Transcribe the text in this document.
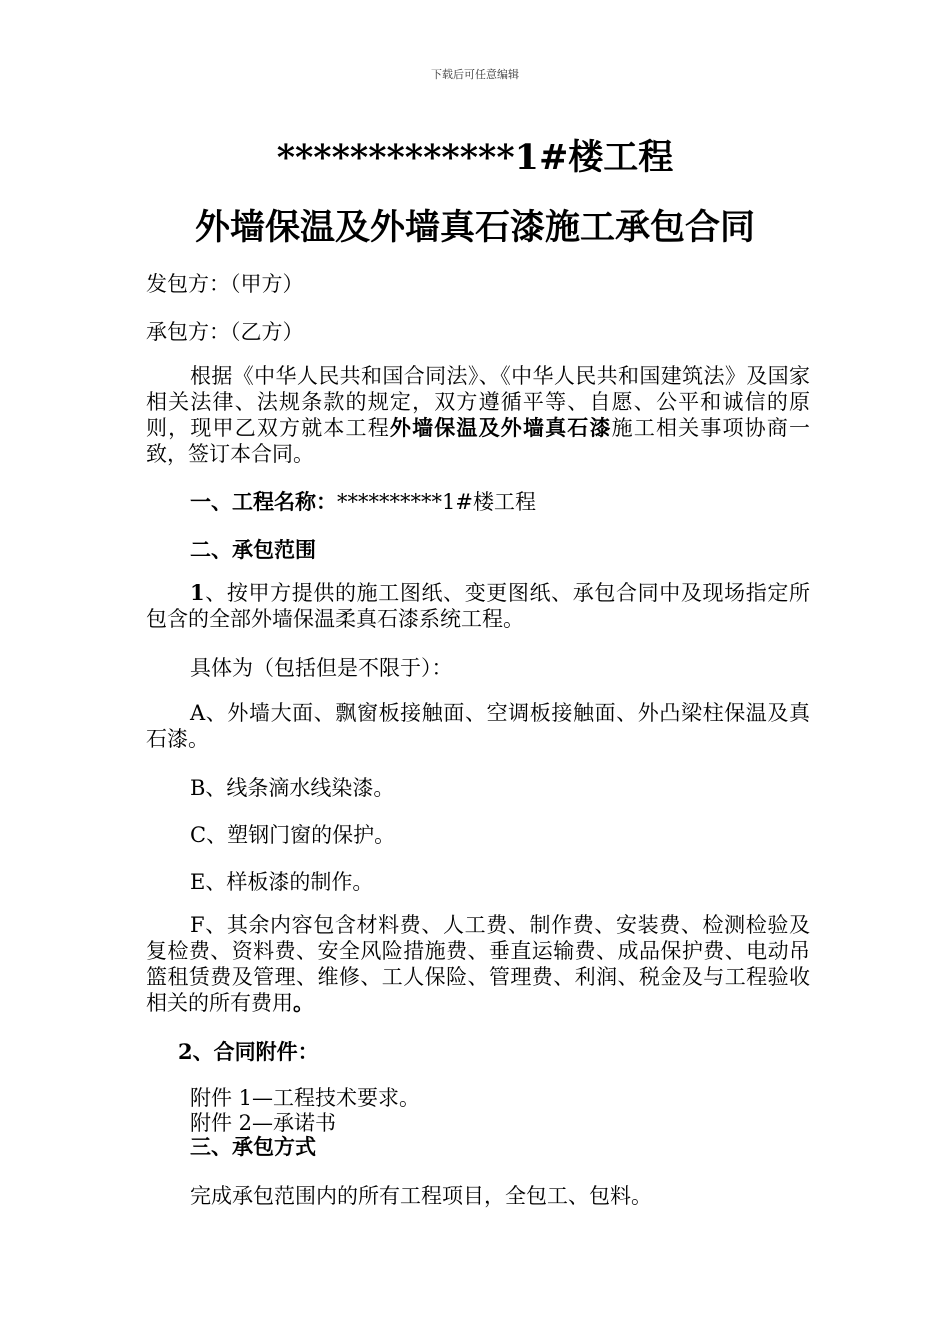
下载后可任意编辑
*************1#楼工程
外墙保温及外墙真石漆施工承包合同
发包方：（甲方）
承包方：（乙方）
根据《中华人民共和国合同法》、《中华人民共和国建筑法》及国家相关法律、法规条款的规定，双方遵循平等、自愿、公平和诚信的原则，现甲乙双方就本工程外墙保温及外墙真石漆施工相关事项协商一致，签订本合同。
一、工程名称：**********1#楼工程
二、承包范围
1、按甲方提供的施工图纸、变更图纸、承包合同中及现场指定所包含的全部外墙保温柔真石漆系统工程。
具体为（包括但是不限于）：
A、外墙大面、飘窗板接触面、空调板接触面、外凸梁柱保温及真石漆。
B、线条滴水线染漆。
C、塑钢门窗的保护。
E、样板漆的制作。
F、其余内容包含材料费、人工费、制作费、安装费、检测检验及复检费、资料费、安全风险措施费、垂直运输费、成品保护费、电动吊篮租赁费及管理、维修、工人保险、管理费、利润、税金及与工程验收相关的所有费用。
2、合同附件：
附件 1—工程技术要求。
附件 2—承诺书
三、承包方式
完成承包范围内的所有工程项目，全包工、包料。
